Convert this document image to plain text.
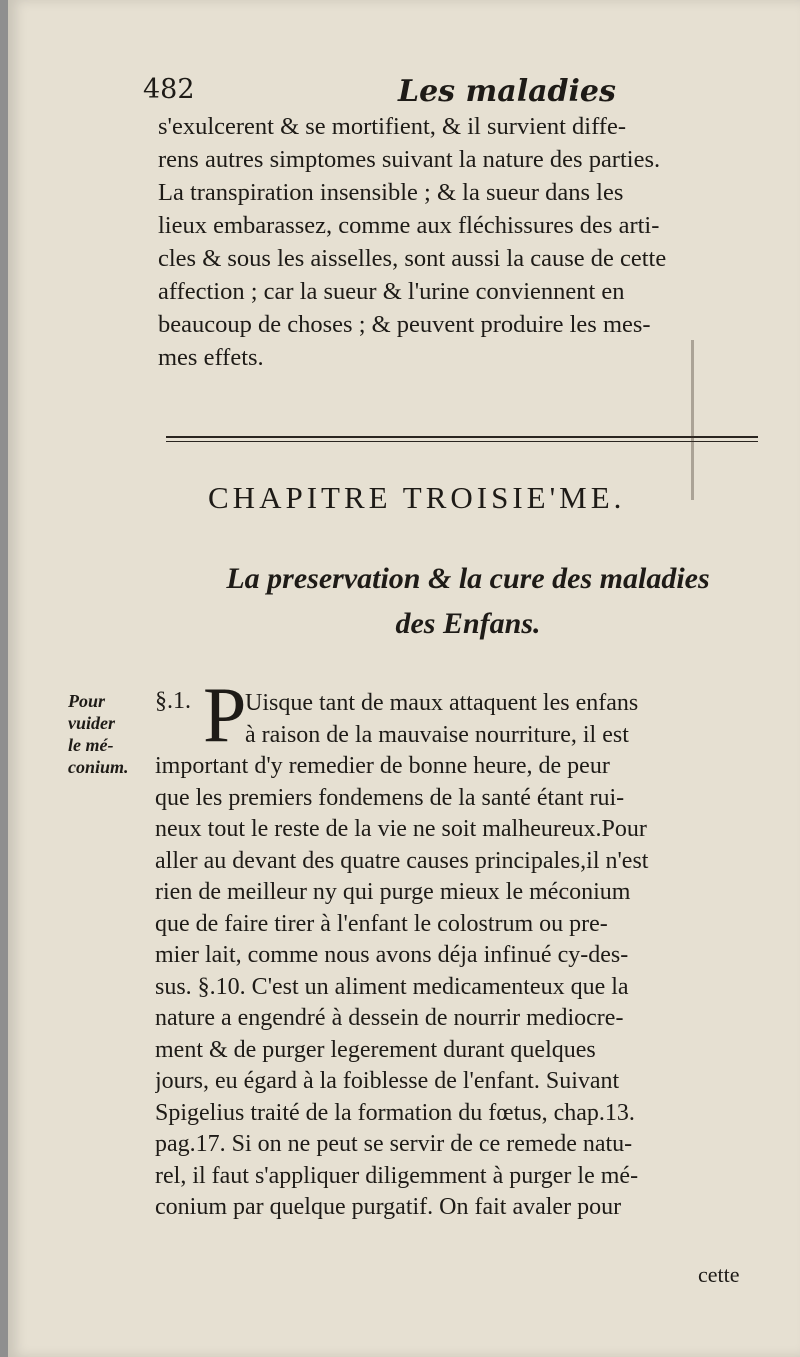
482	Les maladies
s'exulcerent & se mortifient, & il survient diffe-
rens autres simptomes suivant la nature des parties.
La transpiration insensible ; & la sueur dans les
lieux embarassez, comme aux fléchissures des arti-
cles & sous les aisselles, sont aussi la cause de cette
affection ; car la sueur & l'urine conviennent en
beaucoup de choses ; & peuvent produire les mes-
mes effets.
CHAPITRE TROISIE'ME.
La preservation & la cure des maladies
des Enfans.
Pour
vuider
le mé-
conium.
§.1. P
Uisque tant de maux attaquent les enfans
à raison de la mauvaise nourriture, il est
important d'y remedier de bonne heure, de peur
que les premiers fondemens de la santé étant rui-
neux tout le reste de la vie ne soit malheureux.Pour
aller au devant des quatre causes principales,il n'est
rien de meilleur ny qui purge mieux le méconium
que de faire tirer à l'enfant le colostrum ou pre-
mier lait, comme nous avons déja infinué cy-des-
sus. §.10. C'est un aliment medicamenteux que la
nature a engendré à dessein de nourrir mediocre-
ment & de purger legerement durant quelques
jours, eu égard à la foiblesse de l'enfant. Suivant
Spigelius traité de la formation du fœtus, chap.13.
pag.17. Si on ne peut se servir de ce remede natu-
rel, il faut s'appliquer diligemment à purger le mé-
conium par quelque purgatif. On fait avaler pour
cette
